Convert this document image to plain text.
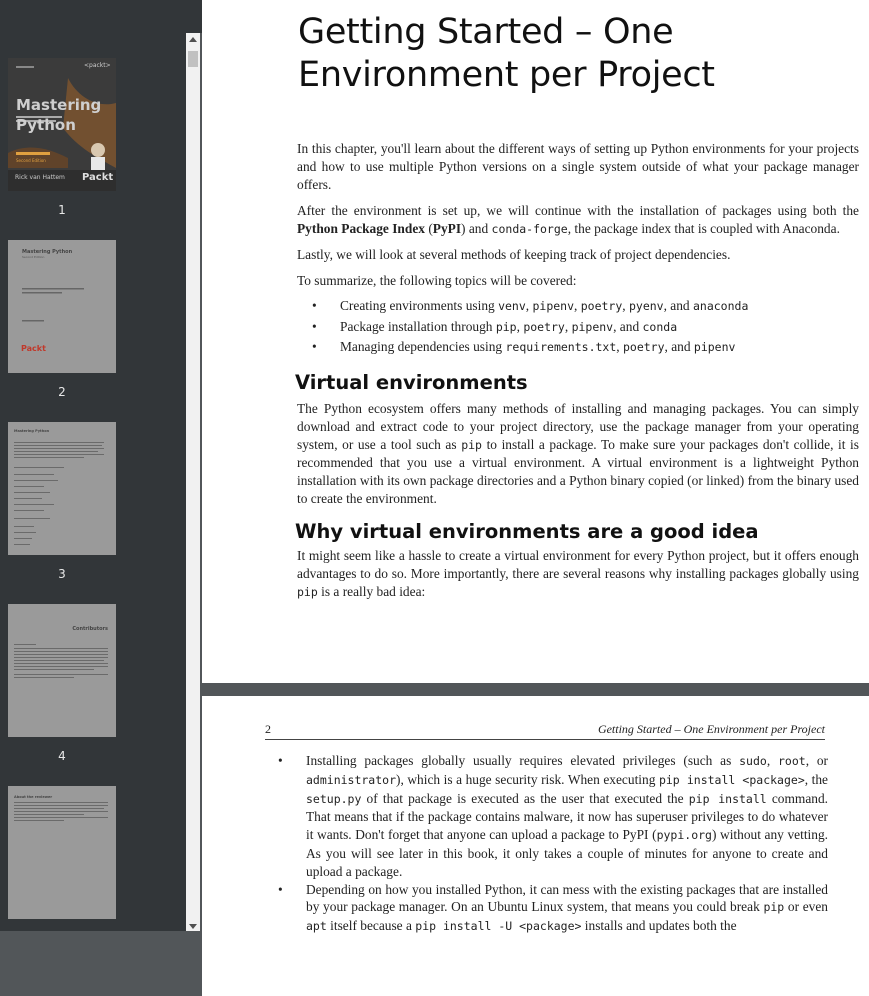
30
Mastering Python
<packt>
Second Edition
Rick van Hattem Packt
1
Mastering Python
Second Edition
Packt
2
Mastering Python
3
Contributors
4
About the reviewer
Getting Started – One
Environment per Project

In this chapter, you'll learn about the different ways of setting up Python environments for your projects and how to use multiple Python versions on a single system outside of what your package manager offers.

After the environment is set up, we will continue with the installation of packages using both the Python Package Index (PyPI) and conda-forge, the package index that is coupled with Anaconda.

Lastly, we will look at several methods of keeping track of project dependencies.

To summarize, the following topics will be covered:

• Creating environments using venv, pipenv, poetry, pyenv, and anaconda
• Package installation through pip, poetry, pipenv, and conda
• Managing dependencies using requirements.txt, poetry, and pipenv
Virtual environments

The Python ecosystem offers many methods of installing and managing packages. You can simply download and extract code to your project directory, use the package manager from your operating system, or use a tool such as pip to install a package. To make sure your packages don't collide, it is recommended that you use a virtual environment. A virtual environment is a lightweight Python installation with its own package directories and a Python binary copied (or linked) from the binary used to create the environment.

Why virtual environments are a good idea

It might seem like a hassle to create a virtual environment for every Python project, but it offers enough advantages to do so. More importantly, there are several reasons why installing packages globally using pip is a really bad idea:

2	Getting Started – One Environment per Project
• Installing packages globally usually requires elevated privileges (such as sudo, root, or administrator), which is a huge security risk. When executing pip install <package>, the setup.py of that package is executed as the user that executed the pip install command. That means that if the package contains malware, it now has superuser privileges to do whatever it wants. Don't forget that anyone can upload a package to PyPI (pypi.org) without any vetting. As you will see later in this book, it only takes a couple of minutes for anyone to create and upload a package.
• Depending on how you installed Python, it can mess with the existing packages that are installed by your package manager. On an Ubuntu Linux system, that means you could break pip or even apt itself because a pip install -U <package> installs and updates both the
